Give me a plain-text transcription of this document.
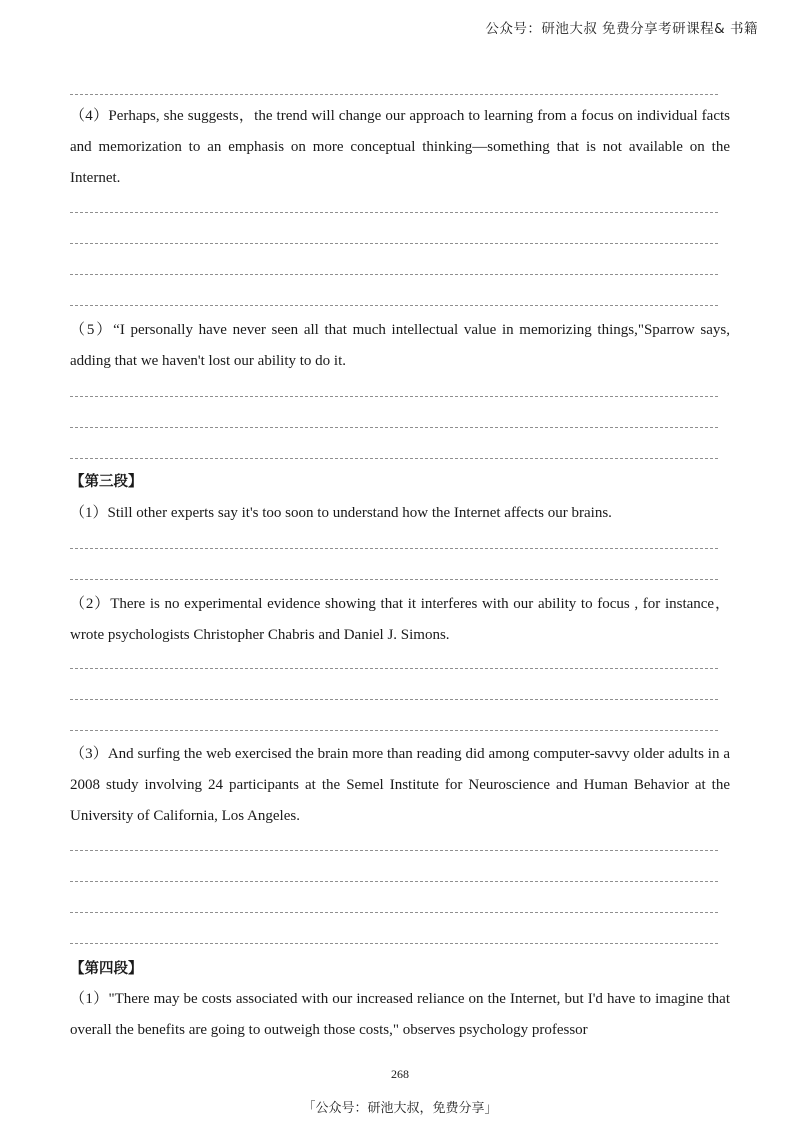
公众号：研池大叔 免费分享考研课程& 书籍

（4）Perhaps, she suggests，the trend will change our approach to learning from a focus on individual facts and memorization to an emphasis on more conceptual thinking—something that is not available on the Internet.

（5）“I personally have never seen all that much intellectual value in memorizing things,"Sparrow says, adding that we haven't lost our ability to do it.

【第三段】

（1）Still other experts say it's too soon to understand how the Internet affects our brains.

（2）There is no experimental evidence showing that it interferes with our ability to focus , for instance，wrote psychologists Christopher Chabris and Daniel J. Simons.

（3）And surfing the web exercised the brain more than reading did among computer-savvy older adults in a 2008 study involving 24 participants at the Semel Institute for Neuroscience and Human Behavior at the University of California, Los Angeles.

【第四段】

（1）"There may be costs associated with our increased reliance on the Internet, but I'd have to imagine that overall the benefits are going to outweigh those costs," observes psychology professor

268
「公众号：研池大叔，免费分享」
